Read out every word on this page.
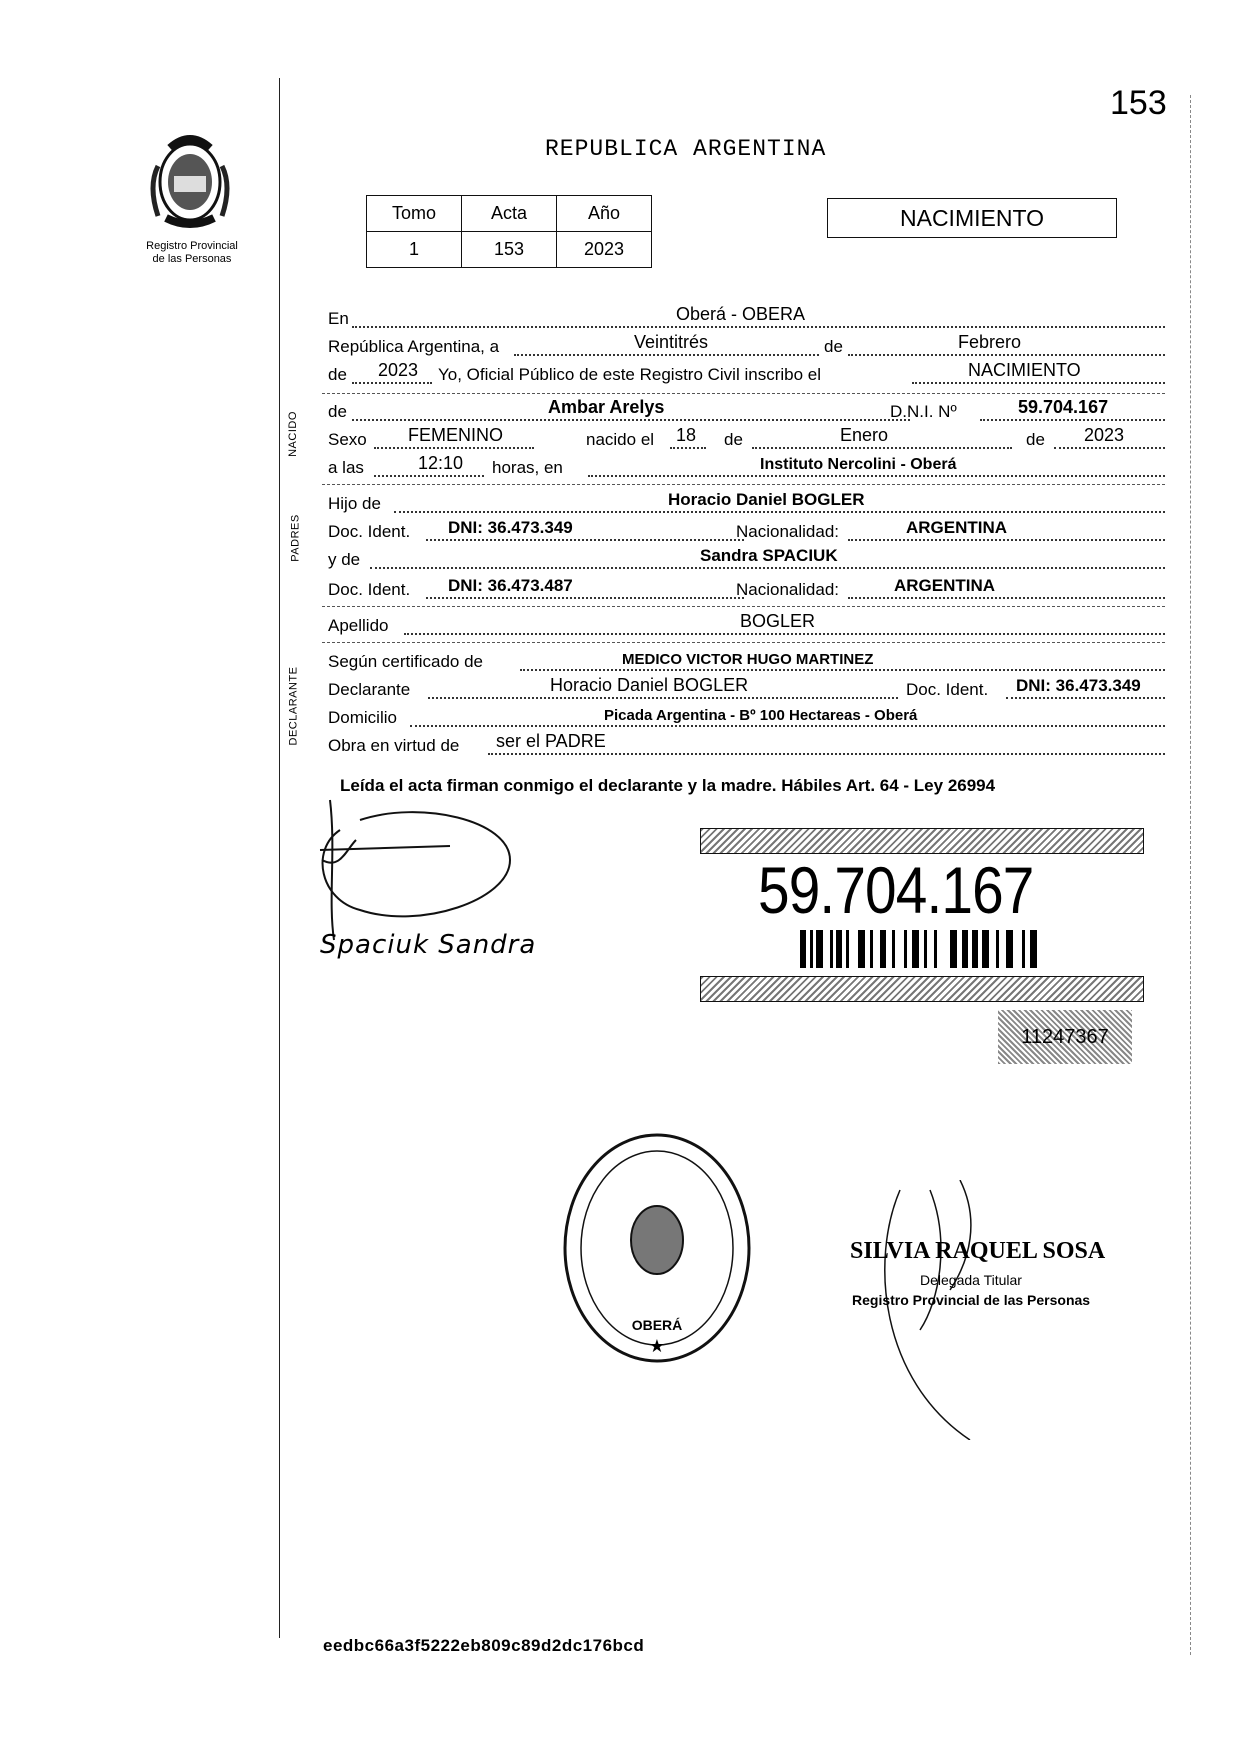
153
Registro Provincial
de las Personas
REPUBLICA ARGENTINA
Tomo	Acta	Año
1	153	2023
NACIMIENTO
En	Oberá - OBERA
República Argentina, a	Veintitrés	de	Febrero
de 2023 Yo, Oficial Público de este Registro Civil inscribo el	NACIMIENTO
NACIDO de	Ambar Arelys	D.N.I. Nº	59.704.167
Sexo FEMENINO	nacido el 18 de	Enero	de 2023
a las	12:10 horas, en	Instituto Nercolini - Oberá
PADRES
Hijo de	Horacio Daniel BOGLER
Doc. Ident. DNI: 36.473.349	Nacionalidad:	ARGENTINA
y de	Sandra SPACIUK
Doc. Ident. DNI: 36.473.487	Nacionalidad:	ARGENTINA
Apellido	BOGLER
DECLARANTE
Según certificado de	MEDICO VICTOR HUGO MARTINEZ
Declarante	Horacio Daniel BOGLER	Doc. Ident. DNI: 36.473.349
Domicilio	Picada Argentina - Bº 100 Hectareas - Oberá
Obra en virtud de ser el PADRE
Leída el acta firman conmigo el declarante y la madre. Hábiles Art. 64 - Ley 26994
Spaciuk Sandra
59.704.167
11247367
OBERÁ
★
SILVIA RAQUEL SOSA
Delegada Titular
Registro Provincial de las Personas
eedbc66a3f5222eb809c89d2dc176bcd
